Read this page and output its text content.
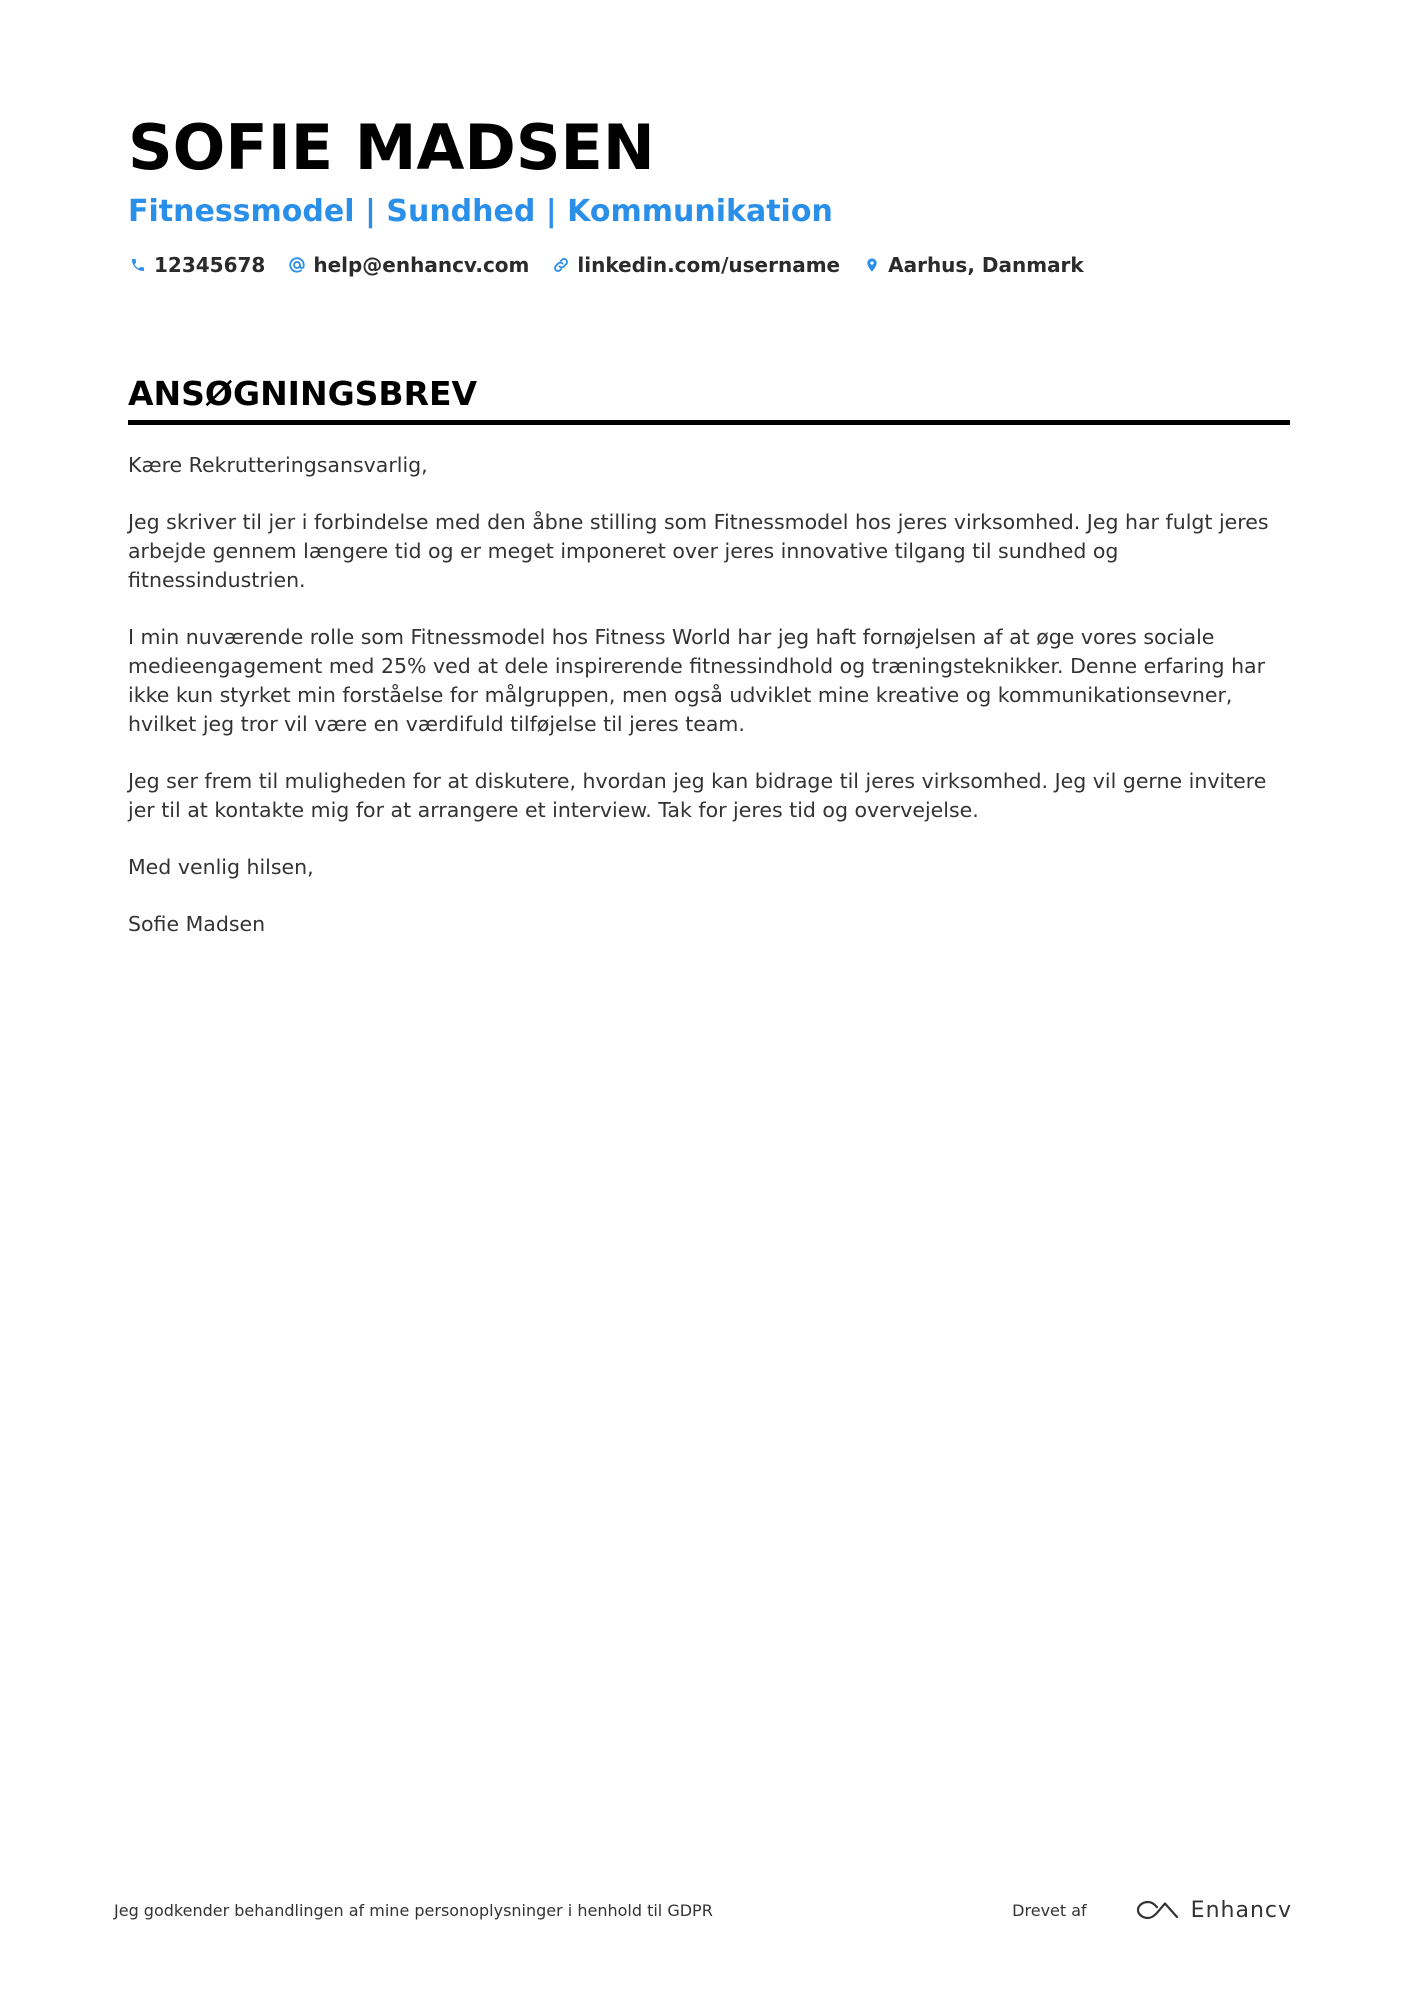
SOFIE MADSEN
Fitnessmodel | Sundhed | Kommunikation
12345678 help@enhancv.com linkedin.com/username Aarhus, Danmark
ANSØGNINGSBREV

Kære Rekrutteringsansvarlig,

Jeg skriver til jer i forbindelse med den åbne stilling som Fitnessmodel hos jeres virksomhed. Jeg har fulgt jeres arbejde gennem længere tid og er meget imponeret over jeres innovative tilgang til sundhed og fitnessindustrien.

I min nuværende rolle som Fitnessmodel hos Fitness World har jeg haft fornøjelsen af at øge vores sociale medieengagement med 25% ved at dele inspirerende fitnessindhold og træningsteknikker. Denne erfaring har ikke kun styrket min forståelse for målgruppen, men også udviklet mine kreative og kommunikationsevner, hvilket jeg tror vil være en værdifuld tilføjelse til jeres team.

Jeg ser frem til muligheden for at diskutere, hvordan jeg kan bidrage til jeres virksomhed. Jeg vil gerne invitere jer til at kontakte mig for at arrangere et interview. Tak for jeres tid og overvejelse.

Med venlig hilsen,

Sofie Madsen

Jeg godkender behandlingen af mine personoplysninger i henhold til GDPR	Drevet af	Enhancv
